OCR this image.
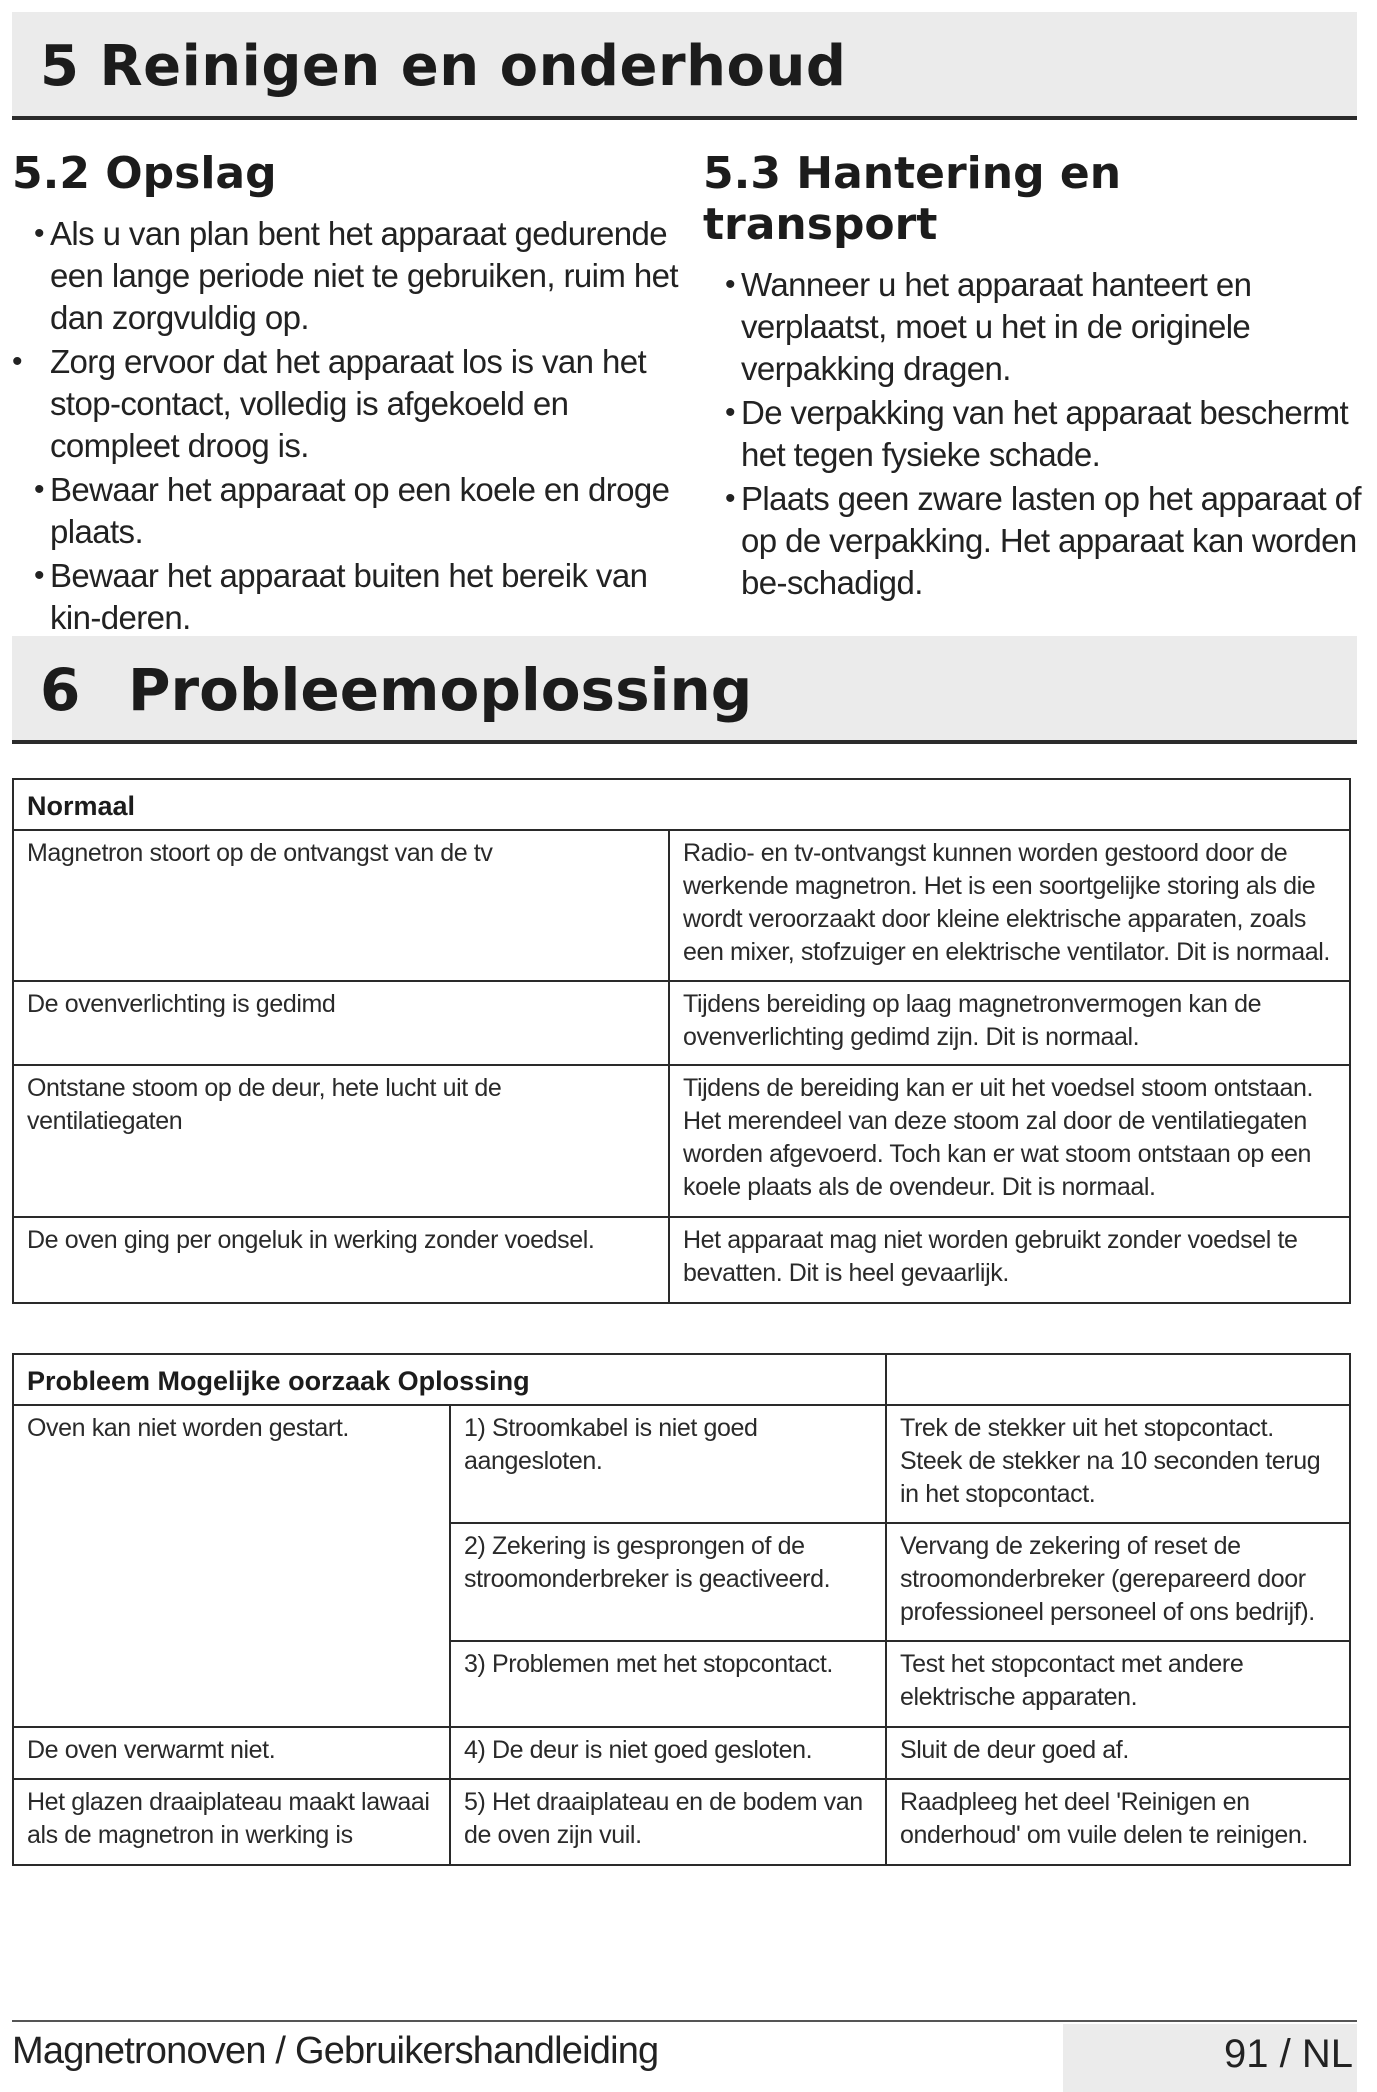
5 Reinigen en onderhoud
5.2 Opslag
• Als u van plan bent het apparaat gedurende een lange periode niet te gebruiken, ruim het dan zorgvuldig op.
• Zorg ervoor dat het apparaat los is van het stop-contact, volledig is afgekoeld en compleet droog is.
• Bewaar het apparaat op een koele en droge plaats.
• Bewaar het apparaat buiten het bereik van kin-deren.
5.3 Hantering en transport
• Wanneer u het apparaat hanteert en verplaatst, moet u het in de originele verpakking dragen.
• De verpakking van het apparaat beschermt het tegen fysieke schade.
• Plaats geen zware lasten op het apparaat of op de verpakking. Het apparaat kan worden be-schadigd.
6 Probleemoplossing
Normaal	
Magnetron stoort op de ontvangst van de tv	Radio- en tv-ontvangst kunnen worden gestoord door de werkende magnetron. Het is een soortgelijke storing als die wordt veroorzaakt door kleine elektrische apparaten, zoals een mixer, stofzuiger en elektrische ventilator. Dit is normaal.
De ovenverlichting is gedimd	Tijdens bereiding op laag magnetronvermogen kan de ovenverlichting gedimd zijn. Dit is normaal.
Ontstane stoom op de deur, hete lucht uit de ventilatiegaten	Tijdens de bereiding kan er uit het voedsel stoom ontstaan. Het merendeel van deze stoom zal door de ventilatiegaten worden afgevoerd. Toch kan er wat stoom ontstaan op een koele plaats als de ovendeur. Dit is normaal.
De oven ging per ongeluk in werking zonder voedsel.	Het apparaat mag niet worden gebruikt zonder voedsel te bevatten. Dit is heel gevaarlijk.
Probleem Mogelijke oorzaak Oplossing		
Oven kan niet worden gestart.	1) Stroomkabel is niet goed aangesloten.	Trek de stekker uit het stopcontact. Steek de stekker na 10 seconden terug in het stopcontact.
	2) Zekering is gesprongen of de stroomonderbreker is geactiveerd.	Vervang de zekering of reset de stroomonderbreker (gerepareerd door professioneel personeel of ons bedrijf).
	3) Problemen met het stopcontact.	Test het stopcontact met andere elektrische apparaten.
De oven verwarmt niet.	4) De deur is niet goed gesloten.	Sluit de deur goed af.
Het glazen draaiplateau maakt lawaai als de magnetron in werking is	5) Het draaiplateau en de bodem van de oven zijn vuil.	Raadpleeg het deel 'Reinigen en onderhoud' om vuile delen te reinigen.
Magnetronoven / Gebruikershandleiding	91 / NL
